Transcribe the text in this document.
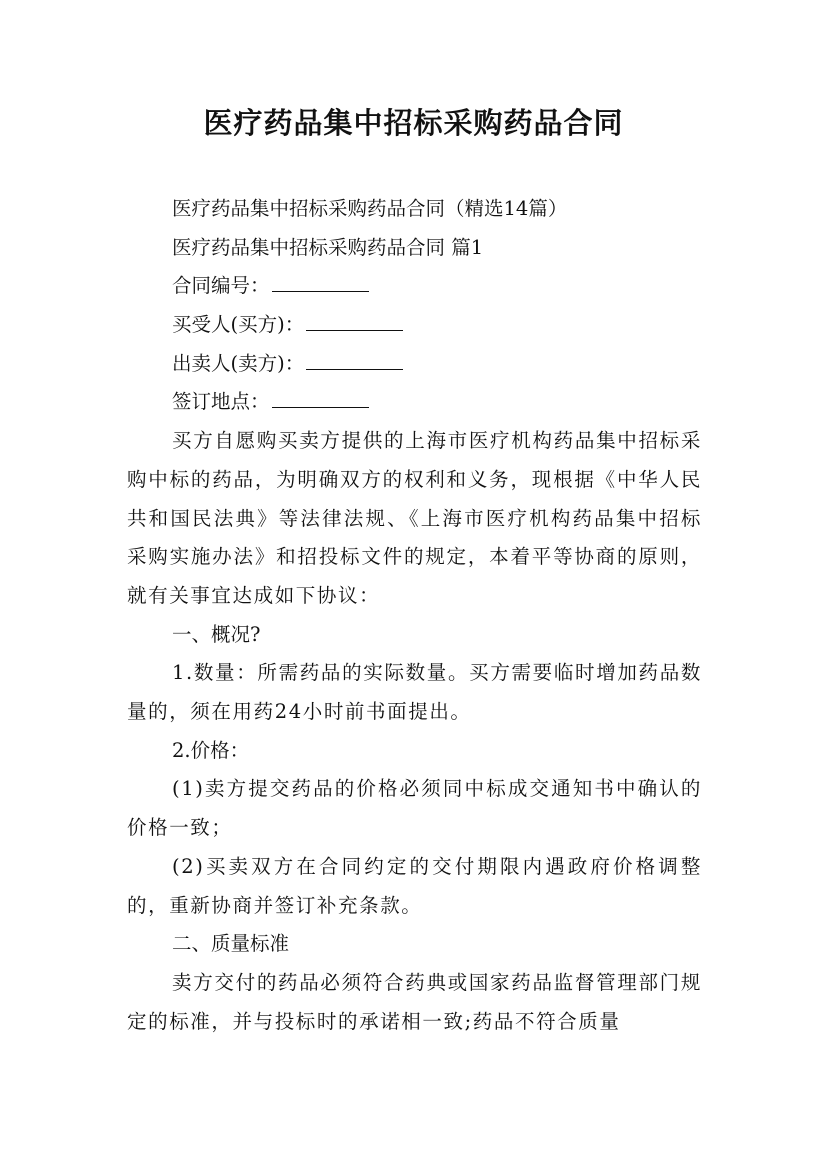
医疗药品集中招标采购药品合同
医疗药品集中招标采购药品合同（精选14篇）
医疗药品集中招标采购药品合同 篇1
合同编号：
买受人(买方)：
出卖人(卖方)：
签订地点：
买方自愿购买卖方提供的上海市医疗机构药品集中招标采购中标的药品，为明确双方的权利和义务，现根据《中华人民共和国民法典》等法律法规、《上海市医疗机构药品集中招标采购实施办法》和招投标文件的规定，本着平等协商的原则，就有关事宜达成如下协议：
一、概况?
1.数量：所需药品的实际数量。买方需要临时增加药品数量的，须在用药24小时前书面提出。
2.价格：
(1)卖方提交药品的价格必须同中标成交通知书中确认的价格一致；
(2)买卖双方在合同约定的交付期限内遇政府价格调整的，重新协商并签订补充条款。
二、质量标准
卖方交付的药品必须符合药典或国家药品监督管理部门规定的标准，并与投标时的承诺相一致;药品不符合质量
